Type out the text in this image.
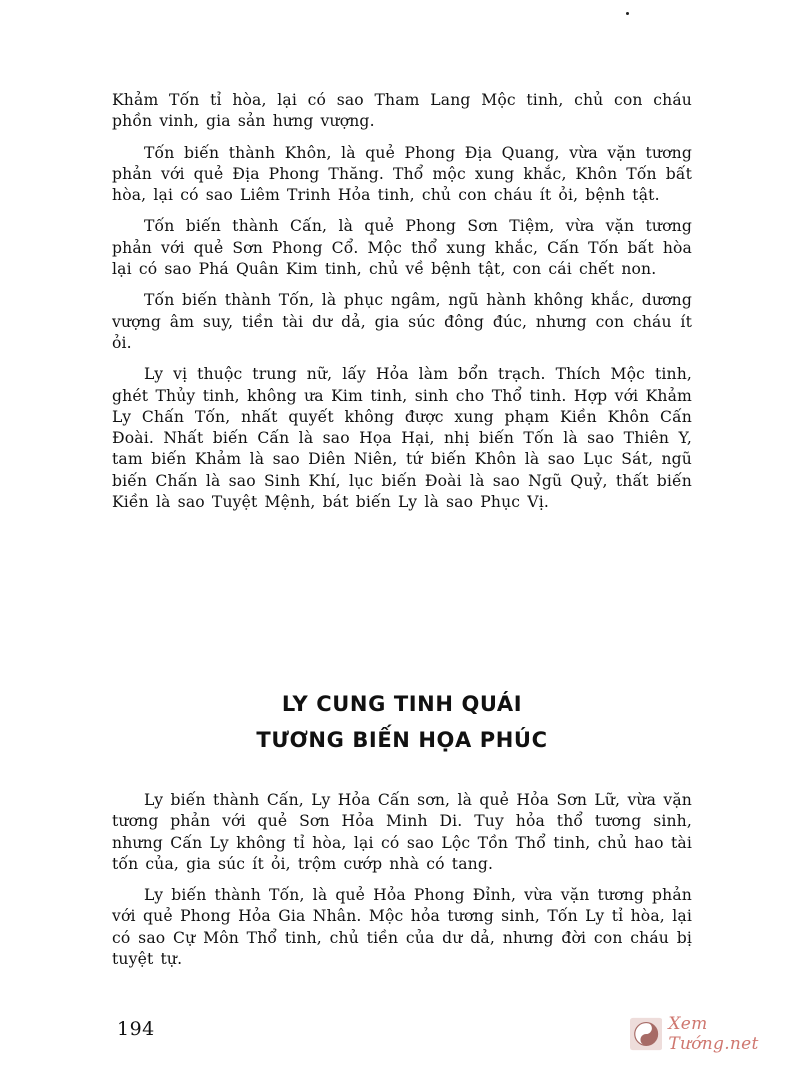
Khảm Tốn tỉ hòa, lại có sao Tham Lang Mộc tinh, chủ con cháu phồn vinh, gia sản hưng vượng.

Tốn biến thành Khôn, là quẻ Phong Địa Quang, vừa vặn tương phản với quẻ Địa Phong Thăng. Thổ mộc xung khắc, Khôn Tốn bất hòa, lại có sao Liêm Trinh Hỏa tinh, chủ con cháu ít ỏi, bệnh tật.

Tốn biến thành Cấn, là quẻ Phong Sơn Tiệm, vừa vặn tương phản với quẻ Sơn Phong Cổ. Mộc thổ xung khắc, Cấn Tốn bất hòa lại có sao Phá Quân Kim tinh, chủ về bệnh tật, con cái chết non.

Tốn biến thành Tốn, là phục ngâm, ngũ hành không khắc, dương vượng âm suy, tiền tài dư dả, gia súc đông đúc, nhưng con cháu ít ỏi.

Ly vị thuộc trung nữ, lấy Hỏa làm bổn trạch. Thích Mộc tinh, ghét Thủy tinh, không ưa Kim tinh, sinh cho Thổ tinh. Hợp với Khảm Ly Chấn Tốn, nhất quyết không được xung phạm Kiền Khôn Cấn Đoài. Nhất biến Cấn là sao Họa Hại, nhị biến Tốn là sao Thiên Y, tam biến Khảm là sao Diên Niên, tứ biến Khôn là sao Lục Sát, ngũ biến Chấn là sao Sinh Khí, lục biến Đoài là sao Ngũ Quỷ, thất biến Kiền là sao Tuyệt Mệnh, bát biến Ly là sao Phục Vị.

LY CUNG TINH QUÁI
TƯƠNG BIẾN HỌA PHÚC

Ly biến thành Cấn, Ly Hỏa Cấn sơn, là quẻ Hỏa Sơn Lữ, vừa vặn tương phản với quẻ Sơn Hỏa Minh Di. Tuy hỏa thổ tương sinh, nhưng Cấn Ly không tỉ hòa, lại có sao Lộc Tồn Thổ tinh, chủ hao tài tốn của, gia súc ít ỏi, trộm cướp nhà có tang.

Ly biến thành Tốn, là quẻ Hỏa Phong Đỉnh, vừa vặn tương phản với quẻ Phong Hỏa Gia Nhân. Mộc hỏa tương sinh, Tốn Ly tỉ hòa, lại có sao Cự Môn Thổ tinh, chủ tiền của dư dả, nhưng đời con cháu bị tuyệt tự.

194	Xem Tướng.net
